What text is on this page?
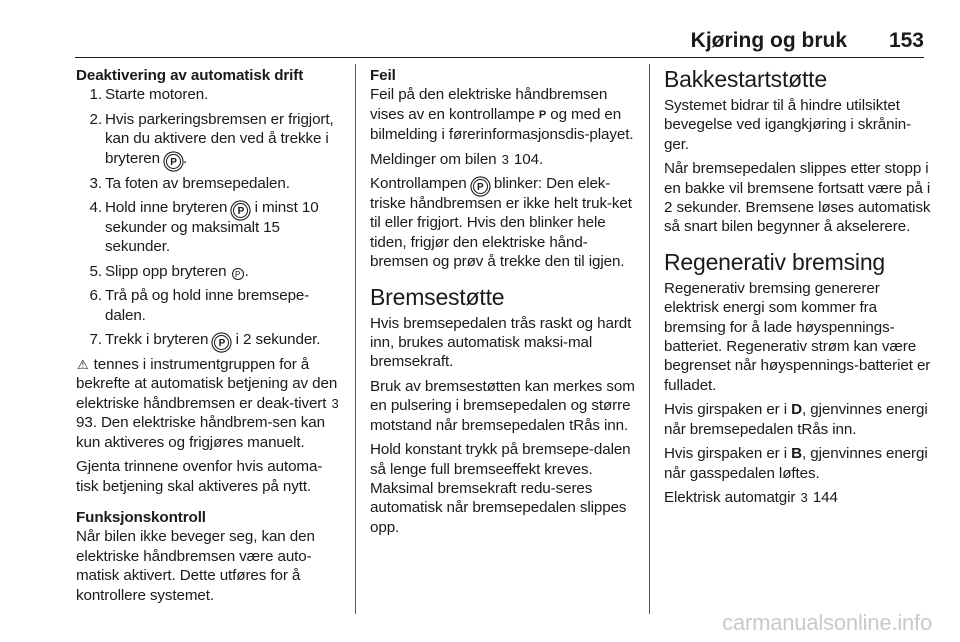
Kjøring og bruk 153
Deaktivering av automatisk drift
1. Starte motoren.
2. Hvis parkeringsbremsen er frigjort, kan du aktivere den ved å trekke i bryteren P .
3. Ta foten av bremsepedalen.
4. Hold inne bryteren P i minst 10 sekunder og maksimalt 15 sekunder.
5. Slipp opp bryteren P .
6. Trå på og hold inne bremsepe-dalen.
7. Trekk i bryteren P i 2 sekunder.

⚠ tennes i instrumentgruppen for å bekrefte at automatisk betjening av den elektriske håndbremsen er deak-tivert 3 93. Den elektriske håndbrem-sen kan kun aktiveres og frigjøres manuelt.

Gjenta trinnene ovenfor hvis automa-tisk betjening skal aktiveres på nytt.

Funksjonskontroll

Når bilen ikke beveger seg, kan den elektriske håndbremsen være auto-matisk aktivert. Dette utføres for å kontrollere systemet.

Feil

Feil på den elektriske håndbremsen vises av en kontrollampe P og med en bilmelding i førerinformasjonsdis-playet.

Meldinger om bilen 3 104.

Kontrollampen P blinker: Den elek-triske håndbremsen er ikke helt truk-ket til eller frigjort. Hvis den blinker hele tiden, frigjør den elektriske hånd-bremsen og prøv å trekke den til igjen.

Bremsestøtte

Hvis bremsepedalen trås raskt og hardt inn, brukes automatisk maksi-mal bremsekraft.

Bruk av bremsestøtten kan merkes som en pulsering i bremsepedalen og større motstand når bremsepedalen tRås inn.

Hold konstant trykk på bremsepe-dalen så lenge full bremseeffekt kreves. Maksimal bremsekraft redu-seres automatisk når bremsepedalen slippes opp.

Bakkestartstøtte

Systemet bidrar til å hindre utilsiktet bevegelse ved igangkjøring i skrånin-ger.

Når bremsepedalen slippes etter stopp i en bakke vil bremsene fortsatt være på i 2 sekunder. Bremsene løses automatisk så snart bilen begynner å akselerere.

Regenerativ bremsing

Regenerativ bremsing genererer elektrisk energi som kommer fra bremsing for å lade høyspennings-batteriet. Regenerativ strøm kan være begrenset når høyspennings-batteriet er fulladet.

Hvis girspaken er i D, gjenvinnes energi når bremsepedalen tRås inn.

Hvis girspaken er i B, gjenvinnes energi når gasspedalen løftes.

Elektrisk automatgir 3 144

carmanualsonline.info
